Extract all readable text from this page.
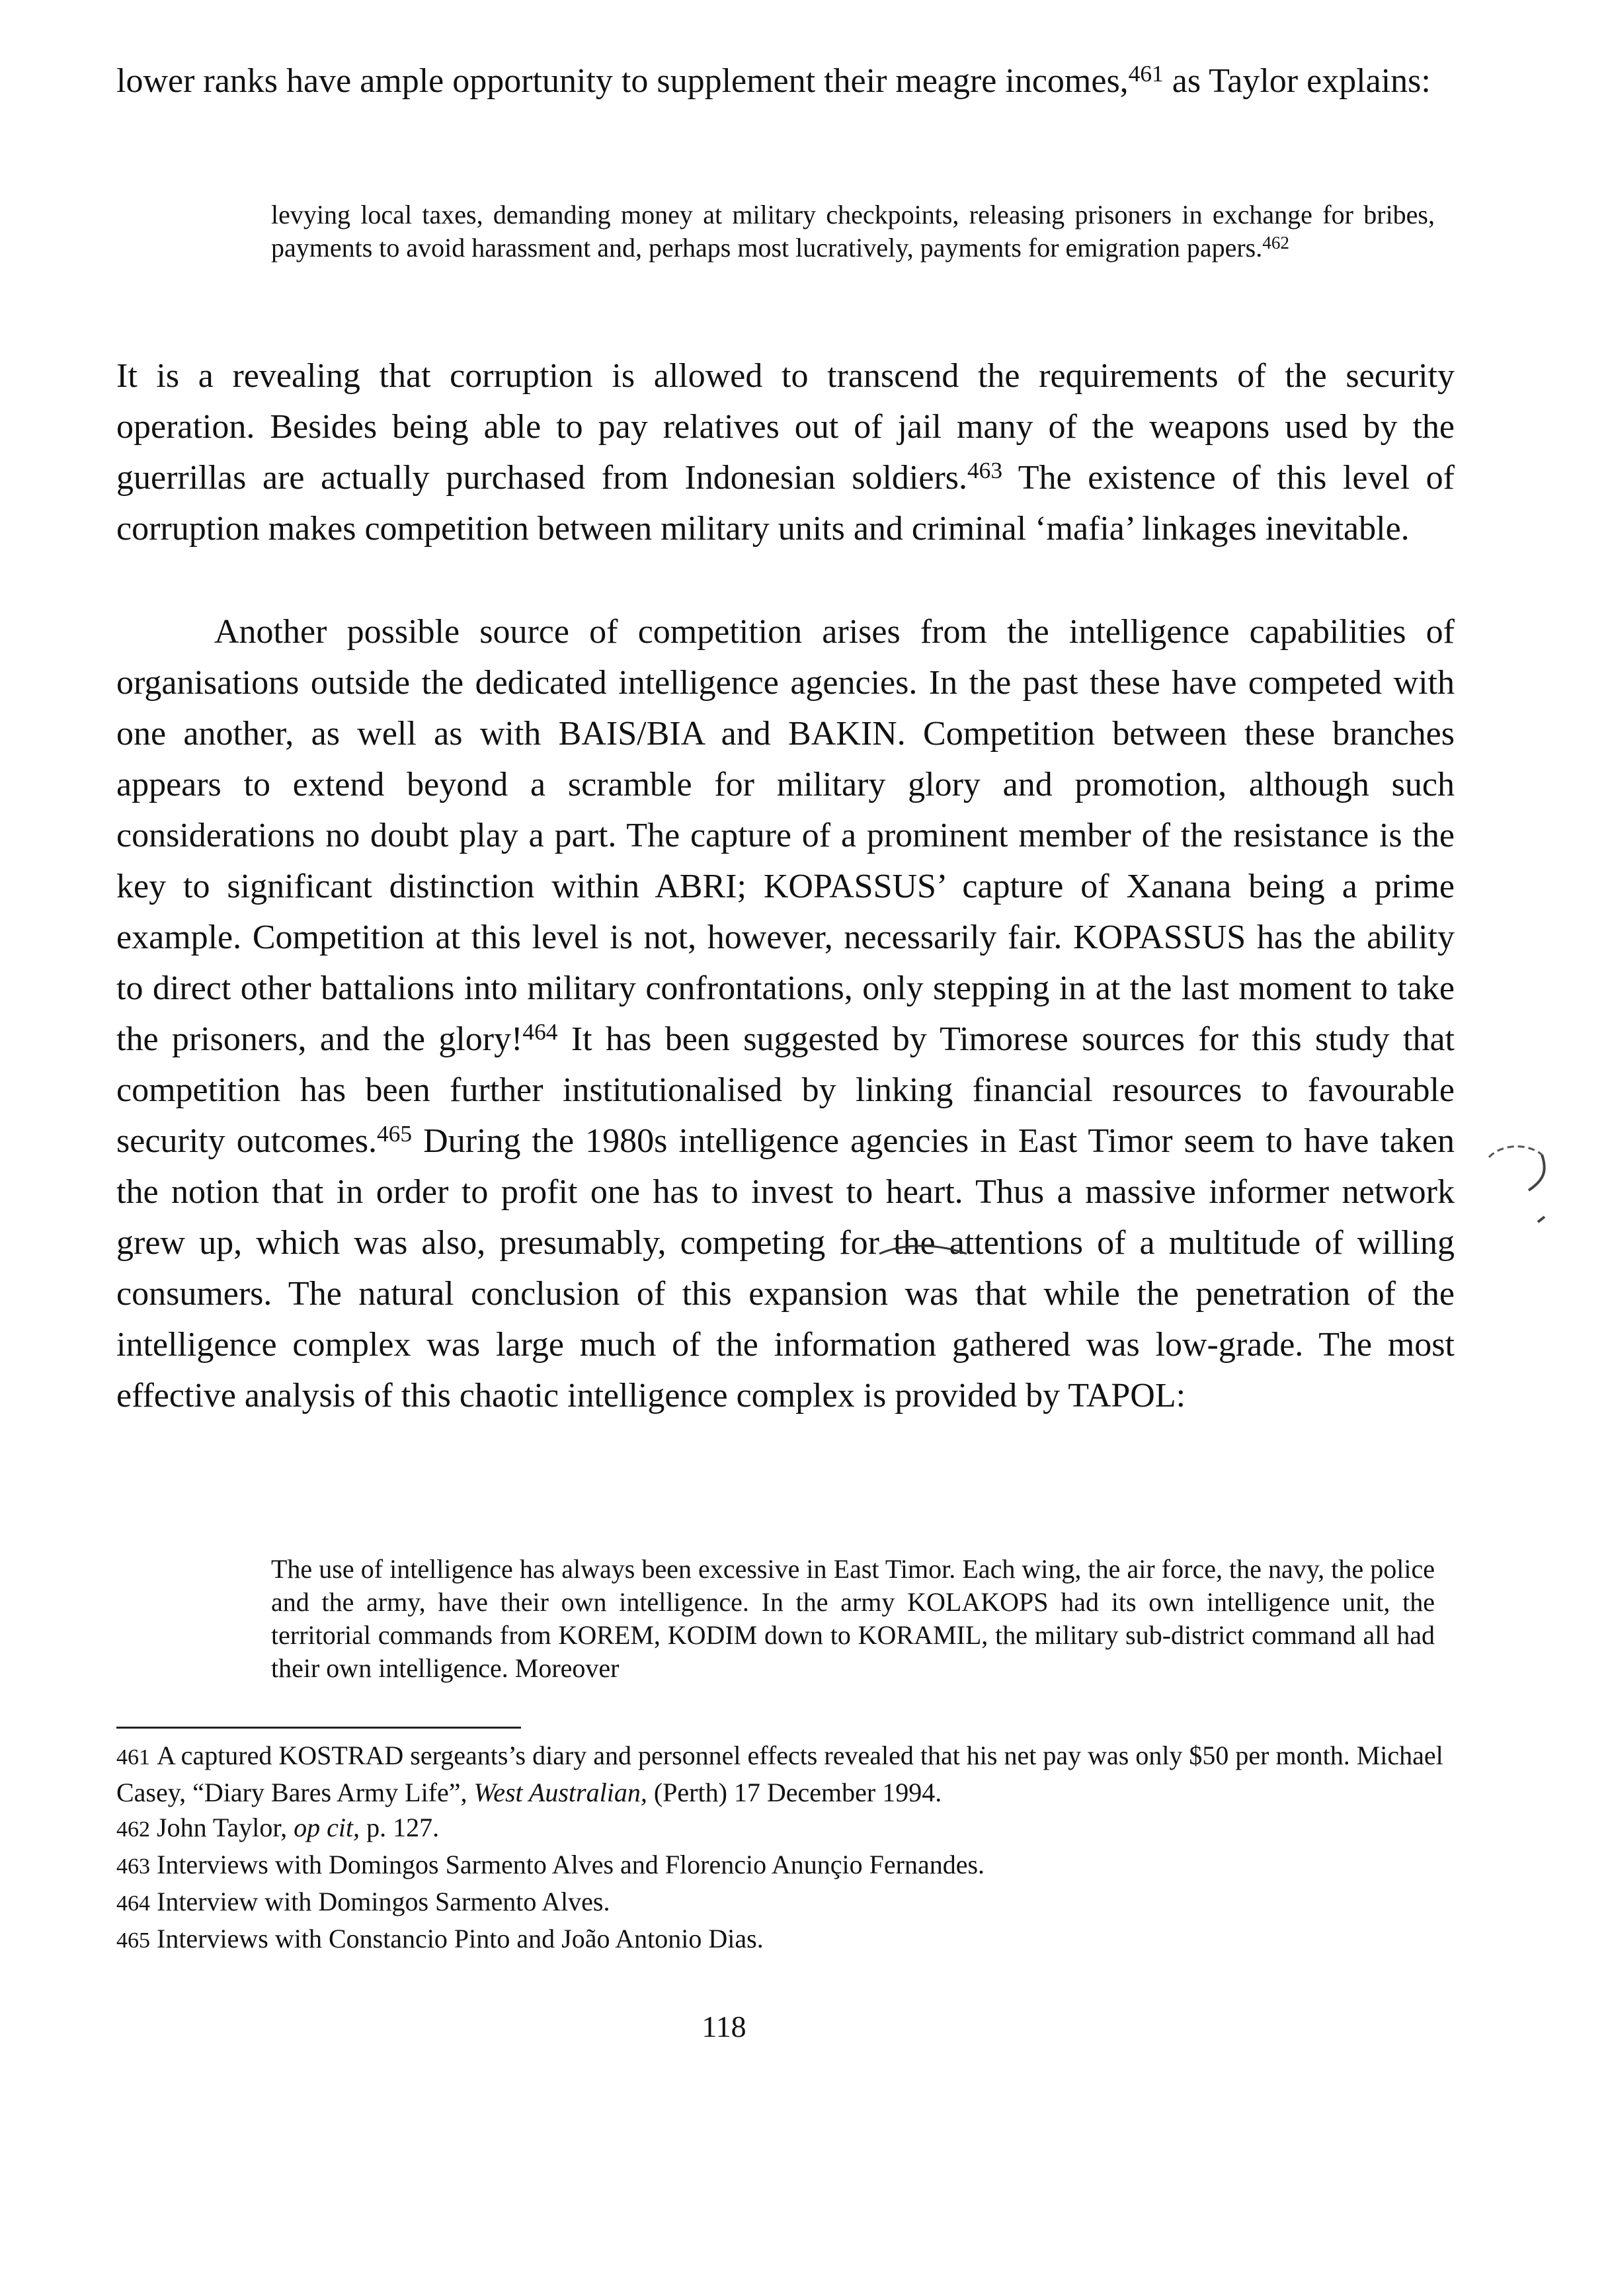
lower ranks have ample opportunity to supplement their meagre incomes,$^{461}$ as Taylor explains:

levying local taxes, demanding money at military checkpoints, releasing prisoners in exchange for bribes, payments to avoid harassment and, perhaps most lucratively, payments for emigration papers.$^{462}$

It is a revealing that corruption is allowed to transcend the requirements of the security operation. Besides being able to pay relatives out of jail many of the weapons used by the guerrillas are actually purchased from Indonesian soldiers.$^{463}$ The existence of this level of corruption makes competition between military units and criminal ‘mafia’ linkages inevitable.

Another possible source of competition arises from the intelligence capabilities of organisations outside the dedicated intelligence agencies. In the past these have competed with one another, as well as with BAIS/BIA and BAKIN. Competition between these branches appears to extend beyond a scramble for military glory and promotion, although such considerations no doubt play a part. The capture of a prominent member of the resistance is the key to significant distinction within ABRI; KOPASSUS’ capture of Xanana being a prime example. Competition at this level is not, however, necessarily fair. KOPASSUS has the ability to direct other battalions into military confrontations, only stepping in at the last moment to take the prisoners, and the glory!$^{464}$ It has been suggested by Timorese sources for this study that competition has been further institutionalised by linking financial resources to favourable security outcomes.$^{465}$ During the 1980s intelligence agencies in East Timor seem to have taken the notion that in order to profit one has to invest to heart. Thus a massive informer network grew up, which was also, presumably, competing for the attentions of a multitude of willing consumers. The natural conclusion of this expansion was that while the penetration of the intelligence complex was large much of the information gathered was low-grade. The most effective analysis of this chaotic intelligence complex is provided by TAPOL:

The use of intelligence has always been excessive in East Timor. Each wing, the air force, the navy, the police and the army, have their own intelligence. In the army KOLAKOPS had its own intelligence unit, the territorial commands from KOREM, KODIM down to KORAMIL, the military sub-district command all had their own intelligence. Moreover

461 A captured KOSTRAD sergeants’s diary and personnel effects revealed that his net pay was only $50 per month. Michael Casey, “Diary Bares Army Life”, West Australian, (Perth) 17 December 1994.

462 John Taylor, op cit, p. 127.

463 Interviews with Domingos Sarmento Alves and Florencio Anunçio Fernandes.

464 Interview with Domingos Sarmento Alves.

465 Interviews with Constancio Pinto and João Antonio Dias.

118
